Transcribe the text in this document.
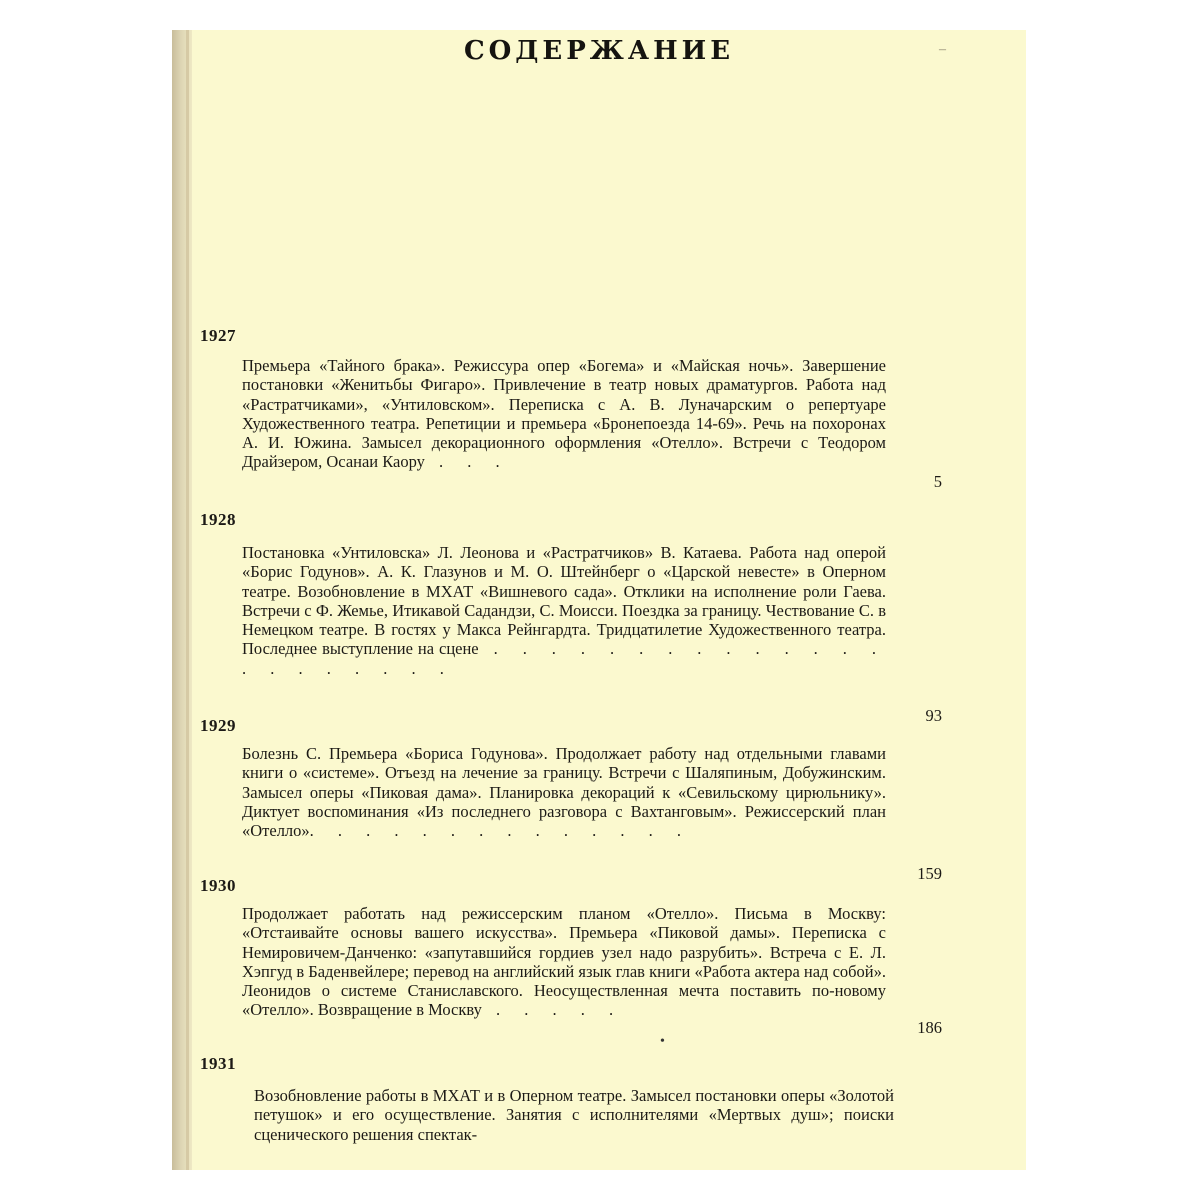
СОДЕРЖАНИЕ	–
1927
Премьера «Тайного брака». Режиссура опер «Богема» и «Майская ночь». Завершение постановки «Женитьбы Фигаро». Привлечение в театр новых драматургов. Работа над «Растратчиками», «Унтиловском». Переписка с А. В. Луначарским о репертуаре Художественного театра. Репетиции и премьера «Бронепоезда 14-69». Речь на похоронах А. И. Южина. Замысел декорационного оформления «Отелло». Встречи с Теодором Драйзером, Осанаи Каору . . .
5
1928
Постановка «Унтиловска» Л. Леонова и «Растратчиков» В. Катаева. Работа над оперой «Борис Годунов». А. К. Глазунов и М. О. Штейнберг о «Царской невесте» в Оперном театре. Возобновление в МХАТ «Вишневого сада». Отклики на исполнение роли Гаева. Встречи с Ф. Жемье, Итикавой Садандзи, С. Моисси. Поездка за границу. Чествование С. в Немецком театре. В гостях у Макса Рейнгардта. Тридцатилетие Художественного театра. Последнее выступление на сцене . . . . . . . . . . . . . . . . . . . . . .
93
1929
Болезнь С. Премьера «Бориса Годунова». Продолжает работу над отдельными главами книги о «системе». Отъезд на лечение за границу. Встречи с Шаляпиным, Добужинским. Замысел оперы «Пиковая дама». Планировка декораций к «Севильскому цирюльнику». Диктует воспоминания «Из последнего разговора с Вахтанговым». Режиссерский план «Отелло». . . . . . . . . . . . . .
159
1930
Продолжает работать над режиссерским планом «Отелло». Письма в Москву: «Отстаивайте основы вашего искусства». Премьера «Пиковой дамы». Переписка с Немировичем-Данченко: «запутавшийся гордиев узел надо разрубить». Встреча с Е. Л. Хэпгуд в Баденвейлере; перевод на английский язык глав книги «Работа актера над собой». Леонидов о системе Станиславского. Неосуществленная мечта поставить по-новому «Отелло». Возвращение в Москву . . . . .
186
•
1931
Возобновление работы в МХАТ и в Оперном театре. Замысел постановки оперы «Золотой петушок» и его осуществление. Занятия с исполнителями «Мертвых душ»; поиски сценического решения спектак-
